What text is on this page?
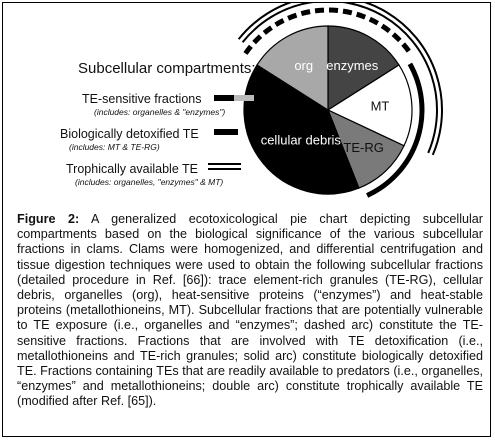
enzymes
MT
TE-RG
cellular debris
org
Subcellular compartments:
TE-sensitive fractions
(includes: organelles & "enzymes")
Biologically detoxified TE
(includes: MT & TE-RG)
Trophically available TE
(includes: organelles, "enzymes" & MT)
Figure 2: A generalized ecotoxicological pie chart depicting subcellular compartments based on the biological significance of the various subcellular fractions in clams. Clams were homogenized, and differential centrifugation and tissue digestion techniques were used to obtain the following subcellular fractions (detailed procedure in Ref. [66]): trace element-rich granules (TE-RG), cellular debris, organelles (org), heat-sensitive proteins (“enzymes”) and heat-stable proteins (metallothioneins, MT). Subcellular fractions that are potentially vulnerable to TE exposure (i.e., organelles and “enzymes”; dashed arc) constitute the TE-sensitive fractions. Fractions that are involved with TE detoxification (i.e., metallothioneins and TE-rich granules; solid arc) constitute biologically detoxified TE. Fractions containing TEs that are readily available to predators (i.e., organelles, “enzymes” and metallothioneins; double arc) constitute trophically available TE (modified after Ref. [65]).
